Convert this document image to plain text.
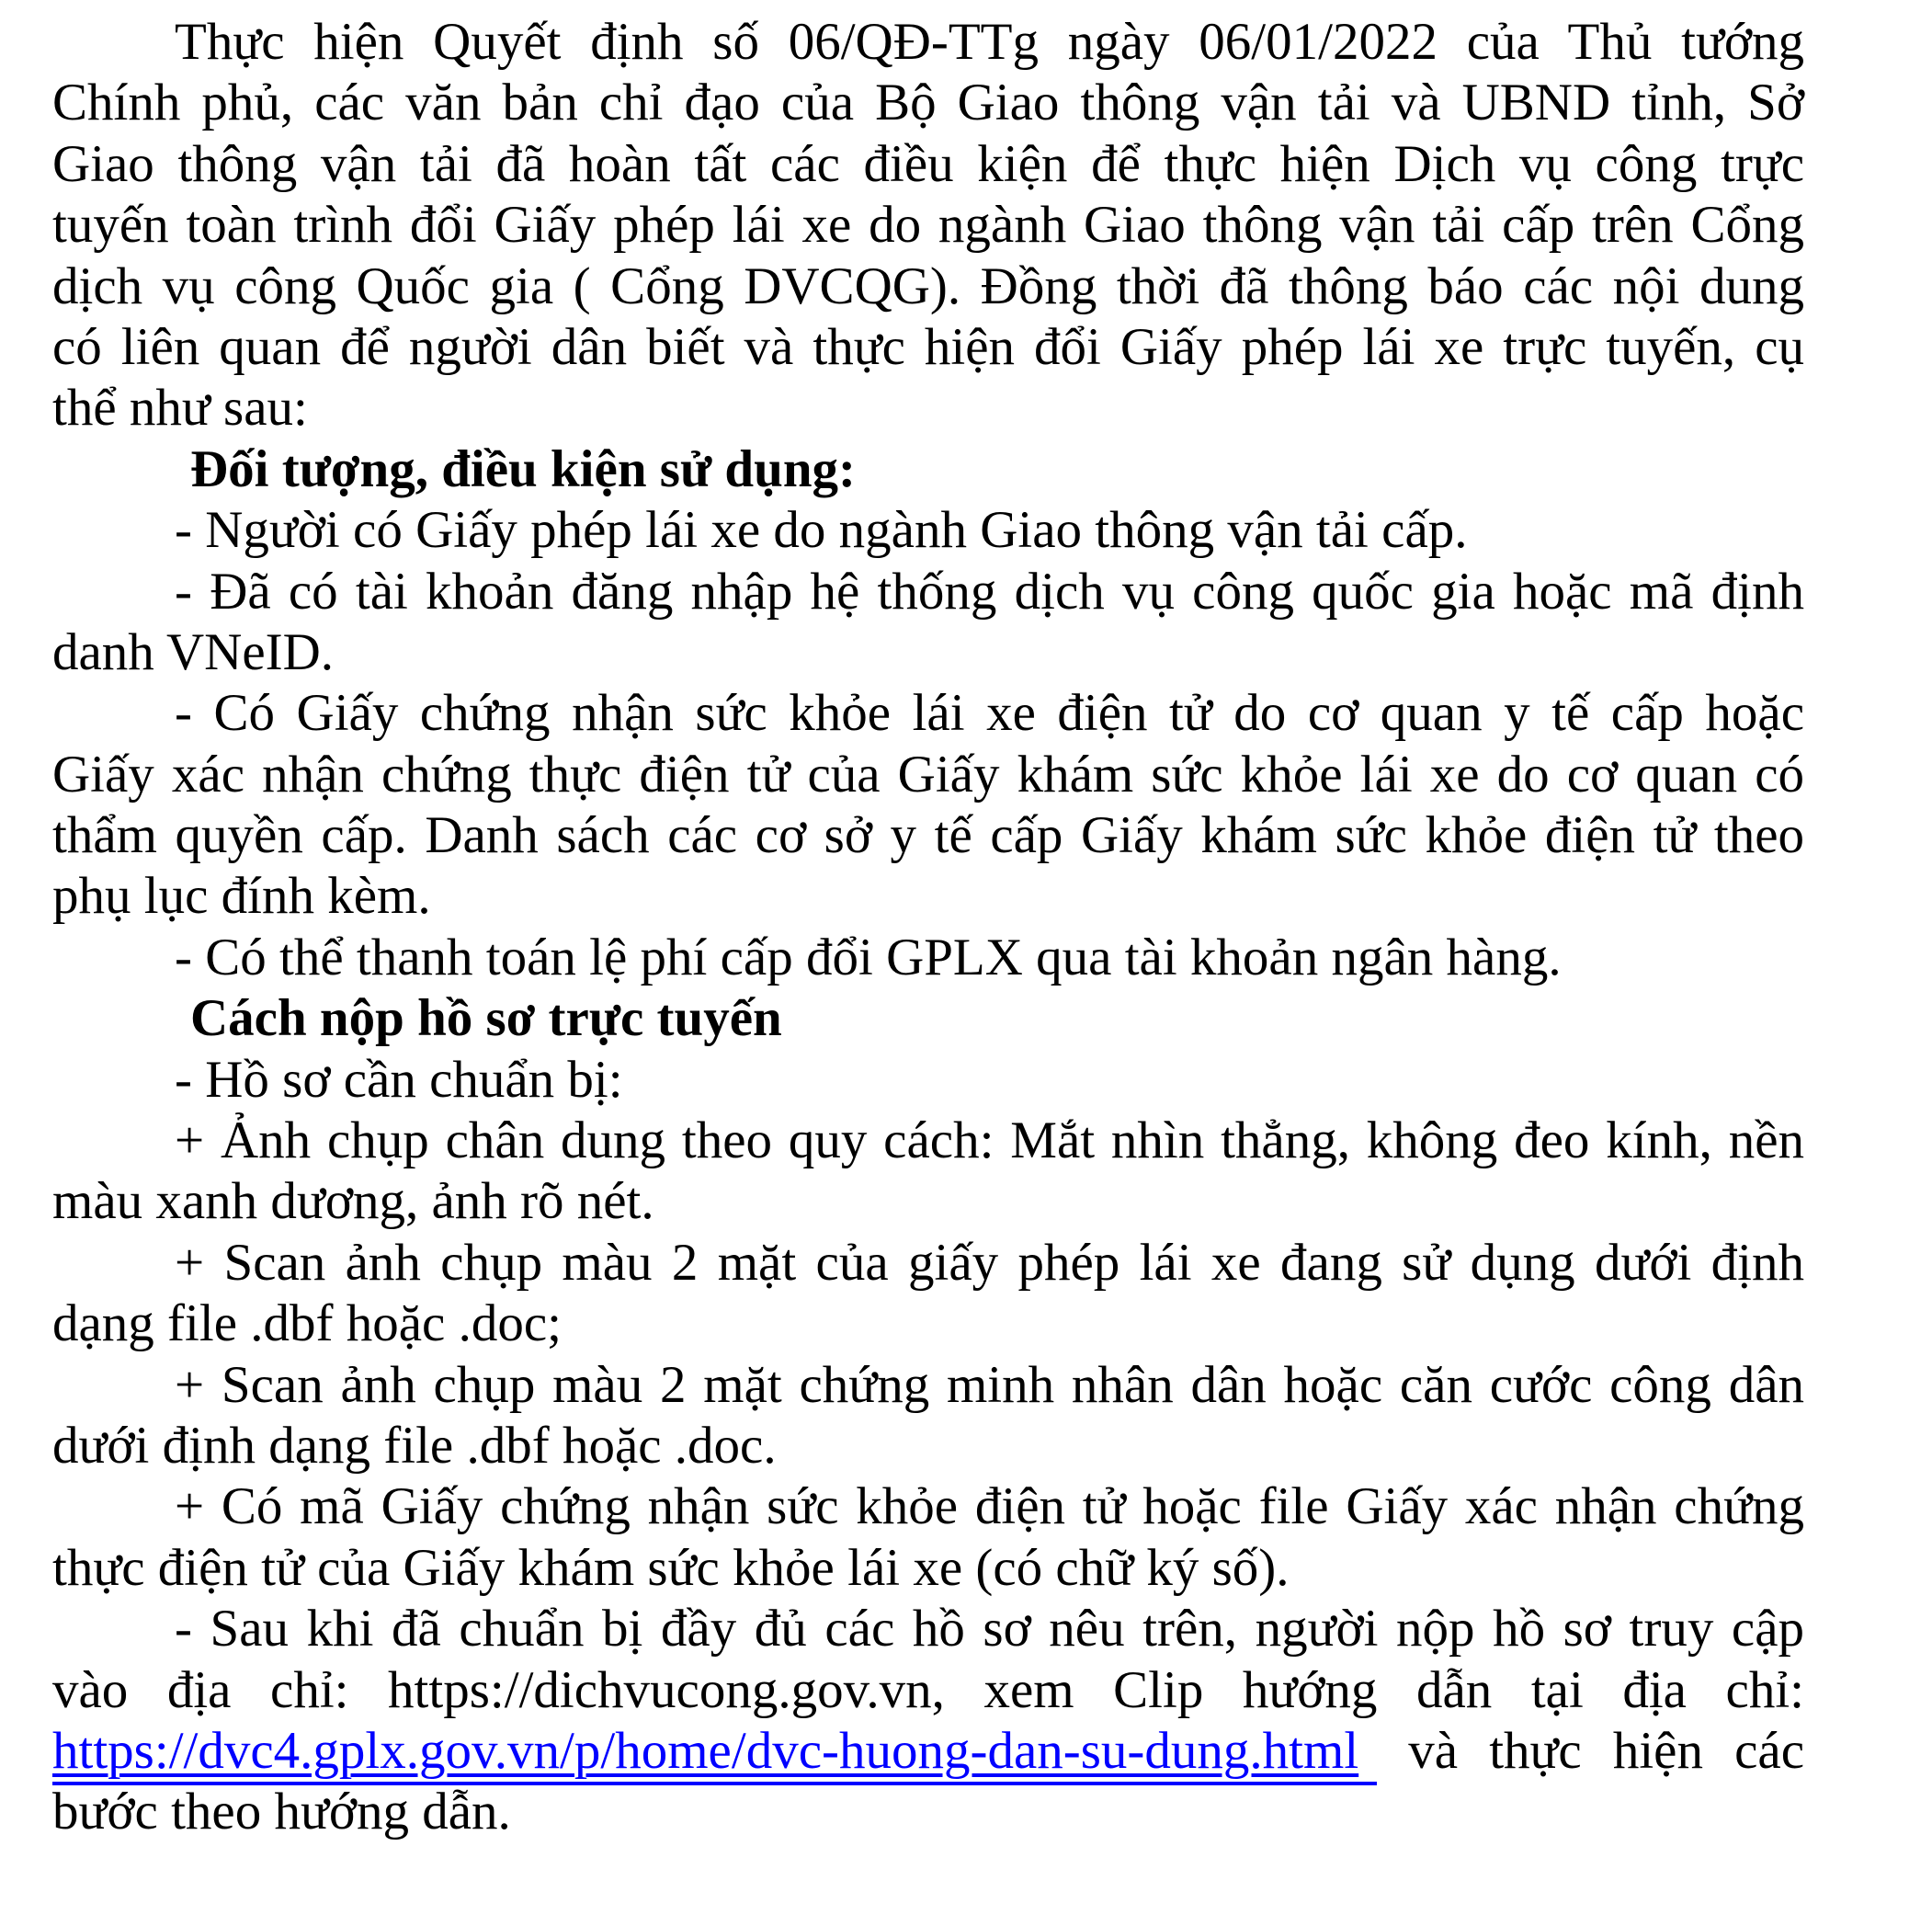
Thực hiện Quyết định số 06/QĐ-TTg ngày 06/01/2022 của Thủ tướng
Chính phủ, các văn bản chỉ đạo của Bộ Giao thông vận tải và UBND tỉnh, Sở
Giao thông vận tải đã hoàn tất các điều kiện để thực hiện Dịch vụ công trực
tuyến toàn trình đổi Giấy phép lái xe do ngành Giao thông vận tải cấp trên Cổng
dịch vụ công Quốc gia ( Cổng DVCQG). Đồng thời đã thông báo các nội dung
có liên quan để người dân biết và thực hiện đổi Giấy phép lái xe trực tuyến, cụ
thể như sau:
Đối tượng, điều kiện sử dụng:
- Người có Giấy phép lái xe do ngành Giao thông vận tải cấp.
- Đã có tài khoản đăng nhập hệ thống dịch vụ công quốc gia hoặc mã định
danh VNeID.
- Có Giấy chứng nhận sức khỏe lái xe điện tử do cơ quan y tế cấp hoặc
Giấy xác nhận chứng thực điện tử của Giấy khám sức khỏe lái xe do cơ quan có
thẩm quyền cấp. Danh sách các cơ sở y tế cấp Giấy khám sức khỏe điện tử theo
phụ lục đính kèm.
- Có thể thanh toán lệ phí cấp đổi GPLX qua tài khoản ngân hàng.
Cách nộp hồ sơ trực tuyến
- Hồ sơ cần chuẩn bị:
+ Ảnh chụp chân dung theo quy cách: Mắt nhìn thẳng, không đeo kính, nền
màu xanh dương, ảnh rõ nét.
+ Scan ảnh chụp màu 2 mặt của giấy phép lái xe đang sử dụng dưới định
dạng file .dbf hoặc .doc;
+ Scan ảnh chụp màu 2 mặt chứng minh nhân dân hoặc căn cước công dân
dưới định dạng file .dbf hoặc .doc.
+ Có mã Giấy chứng nhận sức khỏe điện tử hoặc file Giấy xác nhận chứng
thực điện tử của Giấy khám sức khỏe lái xe (có chữ ký số).
- Sau khi đã chuẩn bị đầy đủ các hồ sơ nêu trên, người nộp hồ sơ truy cập
vào địa chỉ: https://dichvucong.gov.vn, xem Clip hướng dẫn tại địa chỉ:
https://dvc4.gplx.gov.vn/p/home/dvc-huong-dan-su-dung.html và thực hiện các
bước theo hướng dẫn.
